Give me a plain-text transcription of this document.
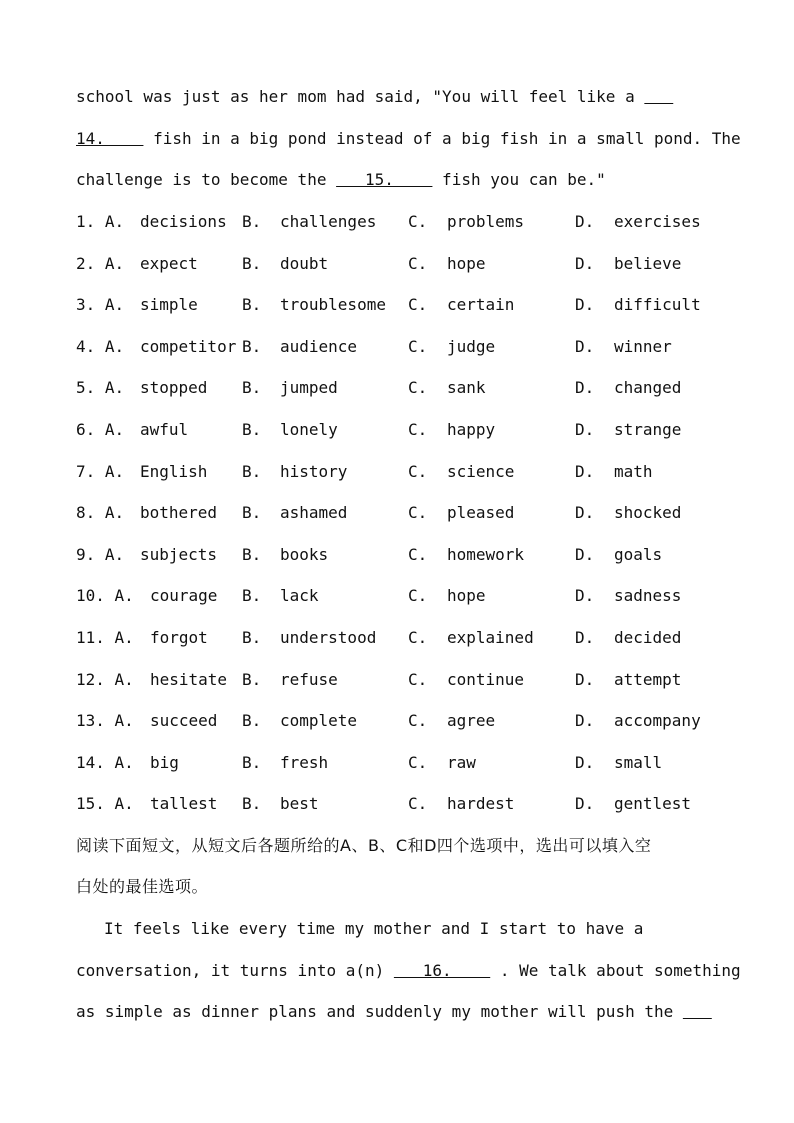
school was just as her mom had said, "You will feel like a
14.     fish in a big pond instead of a big fish in a small pond. The
challenge is to become the    15.     fish you can be."
1. A. decisions B. challenges C. problems	D. exercises
2. A. expect	B. doubt	C. hope	D. believe
3. A. simple	B. troublesome C. certain	D. difficult
4. A. competitor B. audience	C. judge	D. winner
5. A. stopped B. jumped	C. sank	D. changed
6. A. awful	B. lonely	C. happy	D. strange
7. A. English B. history	C. science	D. math
8. A. bothered B. ashamed	C. pleased	D. shocked
9. A. subjects B. books	C. homework	D. goals
10. A. courage B. lack	C. hope	D. sadness
11. A. forgot B. understood C. explained	D. decided
12. A. hesitate B. refuse	C. continue	D. attempt
13. A. succeed B. complete	C. agree	D. accompany
14. A. big	B. fresh	C. raw	D. small
15. A. tallest B. best	C. hardest	D. gentlest
阅读下面短文，从短文后各题所给的A、B、C和D四个选项中，选出可以填入空
白处的最佳选项。
It feels like every time my mother and I start to have a
conversation, it turns into a(n)    16.     . We talk about something
as simple as dinner plans and suddenly my mother will push the
